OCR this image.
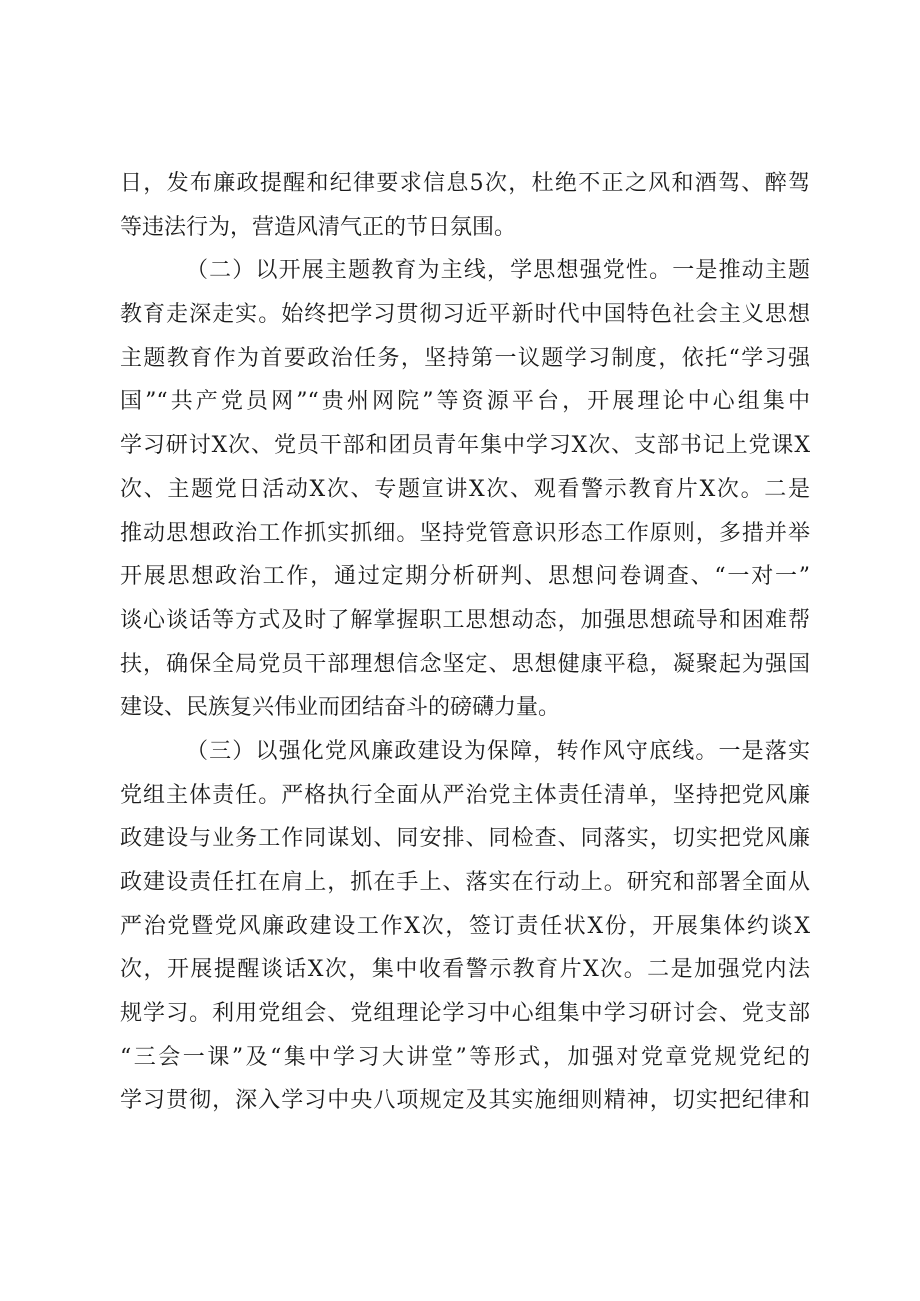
日，发布廉政提醒和纪律要求信息5次，杜绝不正之风和酒驾、醉驾
等违法行为，营造风清气正的节日氛围。
（二）以开展主题教育为主线，学思想强党性。一是推动主题
教育走深走实。始终把学习贯彻习近平新时代中国特色社会主义思想
主题教育作为首要政治任务，坚持第一议题学习制度，依托“学习强
国”“共产党员网”“贵州网院”等资源平台，开展理论中心组集中
学习研讨X次、党员干部和团员青年集中学习X次、支部书记上党课X
次、主题党日活动X次、专题宣讲X次、观看警示教育片X次。二是
推动思想政治工作抓实抓细。坚持党管意识形态工作原则，多措并举
开展思想政治工作，通过定期分析研判、思想问卷调查、“一对一”
谈心谈话等方式及时了解掌握职工思想动态，加强思想疏导和困难帮
扶，确保全局党员干部理想信念坚定、思想健康平稳，凝聚起为强国
建设、民族复兴伟业而团结奋斗的磅礴力量。
（三）以强化党风廉政建设为保障，转作风守底线。一是落实
党组主体责任。严格执行全面从严治党主体责任清单，坚持把党风廉
政建设与业务工作同谋划、同安排、同检查、同落实，切实把党风廉
政建设责任扛在肩上，抓在手上、落实在行动上。研究和部署全面从
严治党暨党风廉政建设工作X次，签订责任状X份，开展集体约谈X
次，开展提醒谈话X次，集中收看警示教育片X次。二是加强党内法
规学习。利用党组会、党组理论学习中心组集中学习研讨会、党支部
“三会一课”及“集中学习大讲堂”等形式，加强对党章党规党纪的
学习贯彻，深入学习中央八项规定及其实施细则精神，切实把纪律和
